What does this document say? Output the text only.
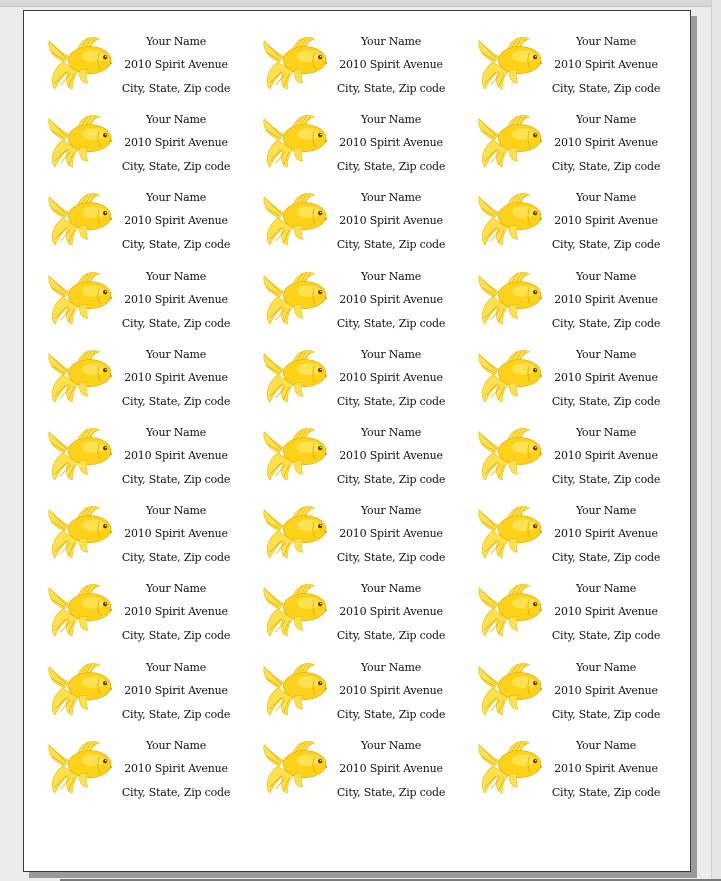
Your Name
2010 Spirit Avenue
City, State, Zip code
Your Name
2010 Spirit Avenue
City, State, Zip code
Your Name
2010 Spirit Avenue
City, State, Zip code
Your Name
2010 Spirit Avenue
City, State, Zip code
Your Name
2010 Spirit Avenue
City, State, Zip code
Your Name
2010 Spirit Avenue
City, State, Zip code
Your Name
2010 Spirit Avenue
City, State, Zip code
Your Name
2010 Spirit Avenue
City, State, Zip code
Your Name
2010 Spirit Avenue
City, State, Zip code
Your Name
2010 Spirit Avenue
City, State, Zip code
Your Name
2010 Spirit Avenue
City, State, Zip code
Your Name
2010 Spirit Avenue
City, State, Zip code
Your Name
2010 Spirit Avenue
City, State, Zip code
Your Name
2010 Spirit Avenue
City, State, Zip code
Your Name
2010 Spirit Avenue
City, State, Zip code
Your Name
2010 Spirit Avenue
City, State, Zip code
Your Name
2010 Spirit Avenue
City, State, Zip code
Your Name
2010 Spirit Avenue
City, State, Zip code
Your Name
2010 Spirit Avenue
City, State, Zip code
Your Name
2010 Spirit Avenue
City, State, Zip code
Your Name
2010 Spirit Avenue
City, State, Zip code
Your Name
2010 Spirit Avenue
City, State, Zip code
Your Name
2010 Spirit Avenue
City, State, Zip code
Your Name
2010 Spirit Avenue
City, State, Zip code
Your Name
2010 Spirit Avenue
City, State, Zip code
Your Name
2010 Spirit Avenue
City, State, Zip code
Your Name
2010 Spirit Avenue
City, State, Zip code
Your Name
2010 Spirit Avenue
City, State, Zip code
Your Name
2010 Spirit Avenue
City, State, Zip code
Your Name
2010 Spirit Avenue
City, State, Zip code
